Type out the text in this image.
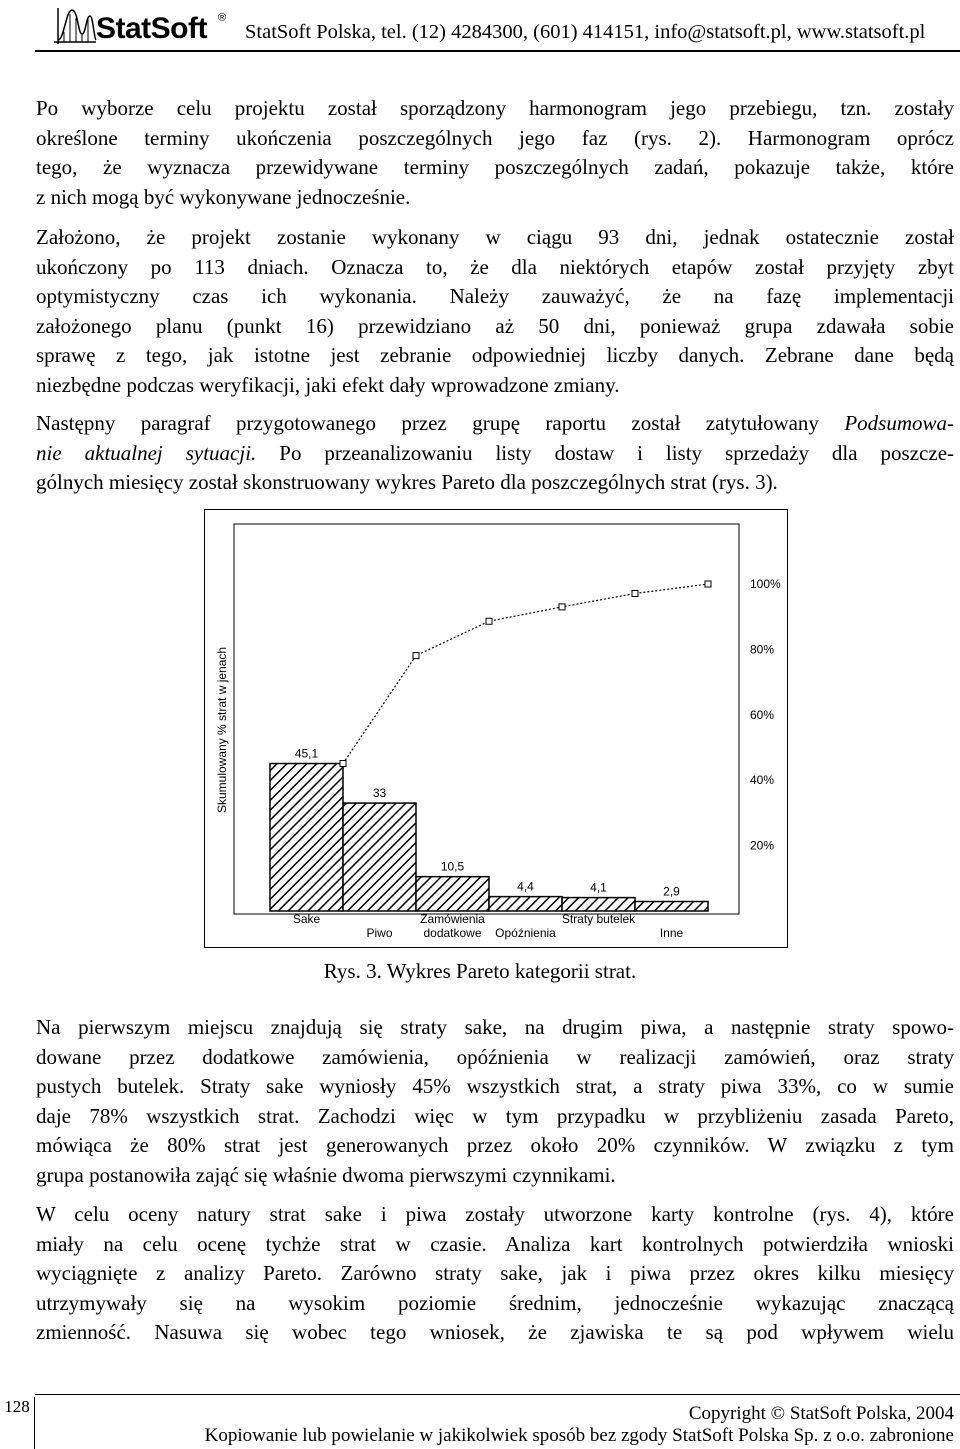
StatSoft ®
StatSoft Polska, tel. (12) 4284300, (601) 414151, info@statsoft.pl, www.statsoft.pl
Po wyborze celu projektu został sporządzony harmonogram jego przebiegu, tzn. zostały
określone terminy ukończenia poszczególnych jego faz (rys. 2). Harmonogram oprócz
tego, że wyznacza przewidywane terminy poszczególnych zadań, pokazuje także, które
z nich mogą być wykonywane jednocześnie.
Założono, że projekt zostanie wykonany w ciągu 93 dni, jednak ostatecznie został
ukończony po 113 dniach. Oznacza to, że dla niektórych etapów został przyjęty zbyt
optymistyczny czas ich wykonania. Należy zauważyć, że na fazę implementacji
założonego planu (punkt 16) przewidziano aż 50 dni, ponieważ grupa zdawała sobie
sprawę z tego, jak istotne jest zebranie odpowiedniej liczby danych. Zebrane dane będą
niezbędne podczas weryfikacji, jaki efekt dały wprowadzone zmiany.
Następny paragraf przygotowanego przez grupę raportu został zatytułowany Podsumowa-
nie aktualnej sytuacji. Po przeanalizowaniu listy dostaw i listy sprzedaży dla poszcze-
gólnych miesięcy został skonstruowany wykres Pareto dla poszczególnych strat (rys. 3).
20%
40%
60%
80%
100%
Skumulowany % strat w jenach	45,1
33
10,5
4,4	4,1	2,9
Sake
Piwo
Zamówienia
dodatkowe Opóźnienia
Straty butelek
Inne
Rys. 3. Wykres Pareto kategorii strat.
Na pierwszym miejscu znajdują się straty sake, na drugim piwa, a następnie straty spowo-
dowane przez dodatkowe zamówienia, opóźnienia w realizacji zamówień, oraz straty
pustych butelek. Straty sake wyniosły 45% wszystkich strat, a straty piwa 33%, co w sumie
daje 78% wszystkich strat. Zachodzi więc w tym przypadku w przybliżeniu zasada Pareto,
mówiąca że 80% strat jest generowanych przez około 20% czynników. W związku z tym
grupa postanowiła zająć się właśnie dwoma pierwszymi czynnikami.
W celu oceny natury strat sake i piwa zostały utworzone karty kontrolne (rys. 4), które
miały na celu ocenę tychże strat w czasie. Analiza kart kontrolnych potwierdziła wnioski
wyciągnięte z analizy Pareto. Zarówno straty sake, jak i piwa przez okres kilku miesięcy
utrzymywały się na wysokim poziomie średnim, jednocześnie wykazując znaczącą
zmienność. Nasuwa się wobec tego wniosek, że zjawiska te są pod wpływem wielu
128	Copyright © StatSoft Polska, 2004
Kopiowanie lub powielanie w jakikolwiek sposób bez zgody StatSoft Polska Sp. z o.o. zabronione
